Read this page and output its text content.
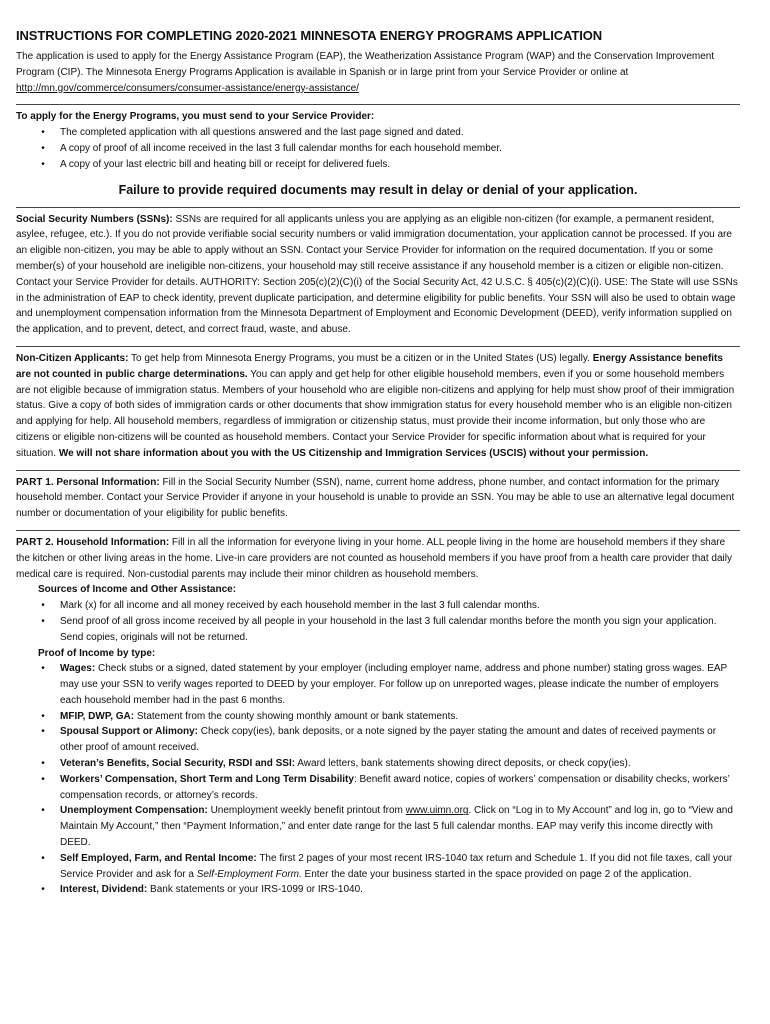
INSTRUCTIONS FOR COMPLETING 2020-2021 MINNESOTA ENERGY PROGRAMS APPLICATION

The application is used to apply for the Energy Assistance Program (EAP), the Weatherization Assistance Program (WAP) and the Conservation Improvement Program (CIP). The Minnesota Energy Programs Application is available in Spanish or in large print from your Service Provider or online at http://mn.gov/commerce/consumers/consumer-assistance/energy-assistance/

To apply for the Energy Programs, you must send to your Service Provider:
•	The completed application with all questions answered and the last page signed and dated.
•	A copy of proof of all income received in the last 3 full calendar months for each household member.
•	A copy of your last electric bill and heating bill or receipt for delivered fuels.
Failure to provide required documents may result in delay or denial of your application.

Social Security Numbers (SSNs): SSNs are required for all applicants unless you are applying as an eligible non-citizen (for example, a permanent resident, asylee, refugee, etc.). If you do not provide verifiable social security numbers or valid immigration documentation, your application cannot be processed. If you are an eligible non-citizen, you may be able to apply without an SSN. Contact your Service Provider for information on the required documentation. If you or some member(s) of your household are ineligible non-citizens, your household may still receive assistance if any household member is a citizen or eligible non-citizen. Contact your Service Provider for details. AUTHORITY: Section 205(c)(2)(C)(i) of the Social Security Act, 42 U.S.C. § 405(c)(2)(C)(i). USE: The State will use SSNs in the administration of EAP to check identity, prevent duplicate participation, and determine eligibility for public benefits. Your SSN will also be used to obtain wage and unemployment compensation information from the Minnesota Department of Employment and Economic Development (DEED), verify information supplied on the application, and to prevent, detect, and correct fraud, waste, and abuse.

Non-Citizen Applicants: To get help from Minnesota Energy Programs, you must be a citizen or in the United States (US) legally. Energy Assistance benefits are not counted in public charge determinations. You can apply and get help for other eligible household members, even if you or some household members are not eligible because of immigration status. Members of your household who are eligible non-citizens and applying for help must show proof of their immigration status. Give a copy of both sides of immigration cards or other documents that show immigration status for every household member who is an eligible non-citizen and applying for help. All household members, regardless of immigration or citizenship status, must provide their income information, but only those who are citizens or eligible non-citizens will be counted as household members. Contact your Service Provider for specific information about what is required for your situation. We will not share information about you with the US Citizenship and Immigration Services (USCIS) without your permission.

PART 1. Personal Information: Fill in the Social Security Number (SSN), name, current home address, phone number, and contact information for the primary household member. Contact your Service Provider if anyone in your household is unable to provide an SSN. You may be able to use an alternative legal document number or documentation of your eligibility for public benefits.

PART 2. Household Information: Fill in all the information for everyone living in your home. ALL people living in the home are household members if they share the kitchen or other living areas in the home. Live-in care providers are not counted as household members if you have proof from a health care provider that daily medical care is required. Non-custodial parents may include their minor children as household members.

Sources of Income and Other Assistance:
•	Mark (x) for all income and all money received by each household member in the last 3 full calendar months.
•	Send proof of all gross income received by all people in your household in the last 3 full calendar months before the month you sign your application. Send copies, originals will not be returned.
Proof of Income by type:
•	Wages: Check stubs or a signed, dated statement by your employer (including employer name, address and phone number) stating gross wages. EAP may use your SSN to verify wages reported to DEED by your employer. For follow up on unreported wages, please indicate the number of employers each household member had in the past 6 months.
•	MFIP, DWP, GA: Statement from the county showing monthly amount or bank statements.
•	Spousal Support or Alimony: Check copy(ies), bank deposits, or a note signed by the payer stating the amount and dates of received payments or other proof of amount received.
•	Veteran’s Benefits, Social Security, RSDI and SSI: Award letters, bank statements showing direct deposits, or check copy(ies).
•	Workers’ Compensation, Short Term and Long Term Disability: Benefit award notice, copies of workers’ compensation or disability checks, workers’ compensation records, or attorney’s records.
•	Unemployment Compensation: Unemployment weekly benefit printout from www.uimn.org. Click on “Log in to My Account” and log in, go to “View and Maintain My Account,” then “Payment Information,” and enter date range for the last 5 full calendar months. EAP may verify this income directly with DEED.
•	Self Employed, Farm, and Rental Income: The first 2 pages of your most recent IRS-1040 tax return and Schedule 1. If you did not file taxes, call your Service Provider and ask for a Self-Employment Form. Enter the date your business started in the space provided on page 2 of the application.
•	Interest, Dividend: Bank statements or your IRS-1099 or IRS-1040.
